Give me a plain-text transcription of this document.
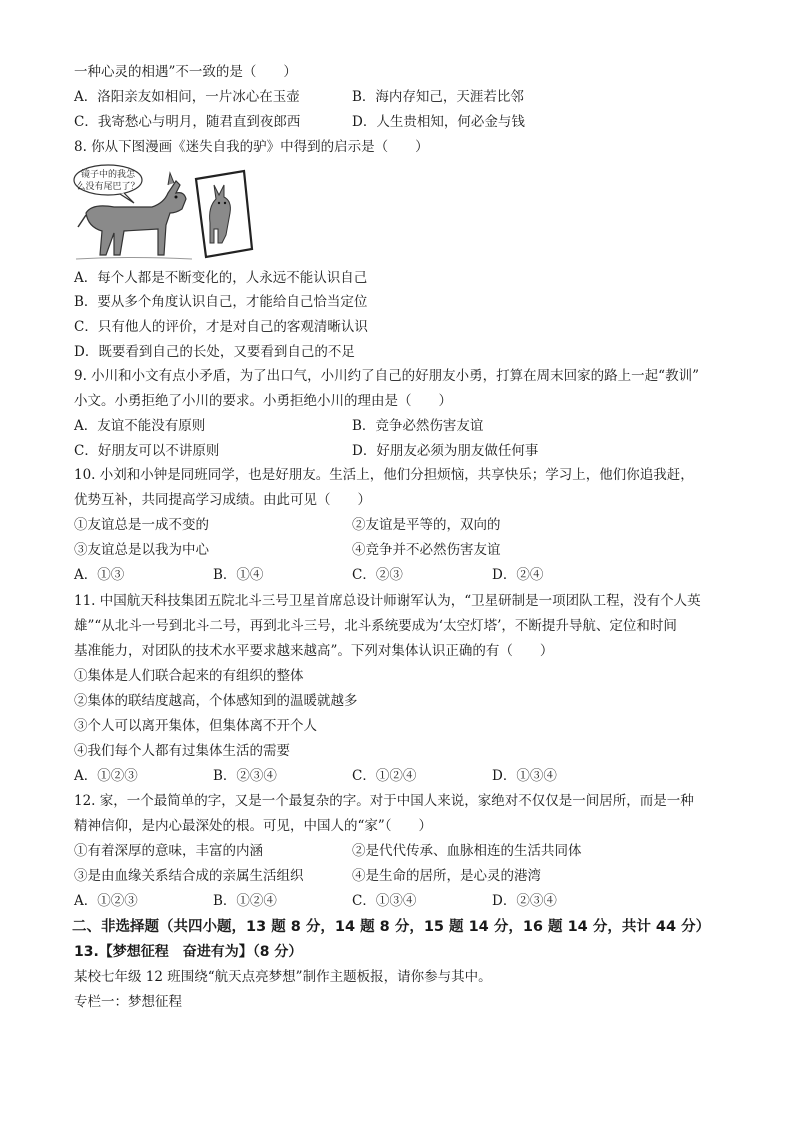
一种心灵的相遇”不一致的是（　　）
A．洛阳亲友如相问，一片冰心在玉壶	B．海内存知己，天涯若比邻
C．我寄愁心与明月，随君直到夜郎西	D．人生贵相知，何必金与钱
8. 你从下图漫画《迷失自我的驴》中得到的启示是（　　）
镜子中的我怎
么没有尾巴了？
A．每个人都是不断变化的，人永远不能认识自己
B．要从多个角度认识自己，才能给自己恰当定位
C．只有他人的评价，才是对自己的客观清晰认识
D．既要看到自己的长处，又要看到自己的不足
9. 小川和小文有点小矛盾，为了出口气，小川约了自己的好朋友小勇，打算在周末回家的路上一起“教训”
小文。小勇拒绝了小川的要求。小勇拒绝小川的理由是（　　）
A．友谊不能没有原则	B．竞争必然伤害友谊
C．好朋友可以不讲原则	D．好朋友必须为朋友做任何事
10. 小刘和小钟是同班同学，也是好朋友。生活上，他们分担烦恼，共享快乐；学习上，他们你追我赶，
优势互补，共同提高学习成绩。由此可见（　　）
①友谊总是一成不变的	②友谊是平等的，双向的
③友谊总是以我为中心	④竞争并不必然伤害友谊
A．①③	B．①④	C．②③	D．②④
11. 中国航天科技集团五院北斗三号卫星首席总设计师谢军认为，“卫星研制是一项团队工程，没有个人英
雄”“从北斗一号到北斗二号，再到北斗三号，北斗系统要成为‘太空灯塔’，不断提升导航、定位和时间
基准能力，对团队的技术水平要求越来越高”。下列对集体认识正确的有（　　）
①集体是人们联合起来的有组织的整体
②集体的联结度越高，个体感知到的温暖就越多
③个人可以离开集体，但集体离不开个人
④我们每个人都有过集体生活的需要
A．①②③	B．②③④	C．①②④	D．①③④
12. 家，一个最简单的字，又是一个最复杂的字。对于中国人来说，家绝对不仅仅是一间居所，而是一种
精神信仰，是内心最深处的根。可见，中国人的“家”（　　）
①有着深厚的意味，丰富的内涵	②是代代传承、血脉相连的生活共同体
③是由血缘关系结合成的亲属生活组织	④是生命的居所，是心灵的港湾
A．①②③	B．①②④	C．①③④	D．②③④
二、非选择题（共四小题，13 题 8 分，14 题 8 分，15 题 14 分，16 题 14 分，共计 44 分）
13.【梦想征程　奋进有为】（8 分）
某校七年级 12 班围绕“航天点亮梦想”制作主题板报，请你参与其中。
专栏一：梦想征程
